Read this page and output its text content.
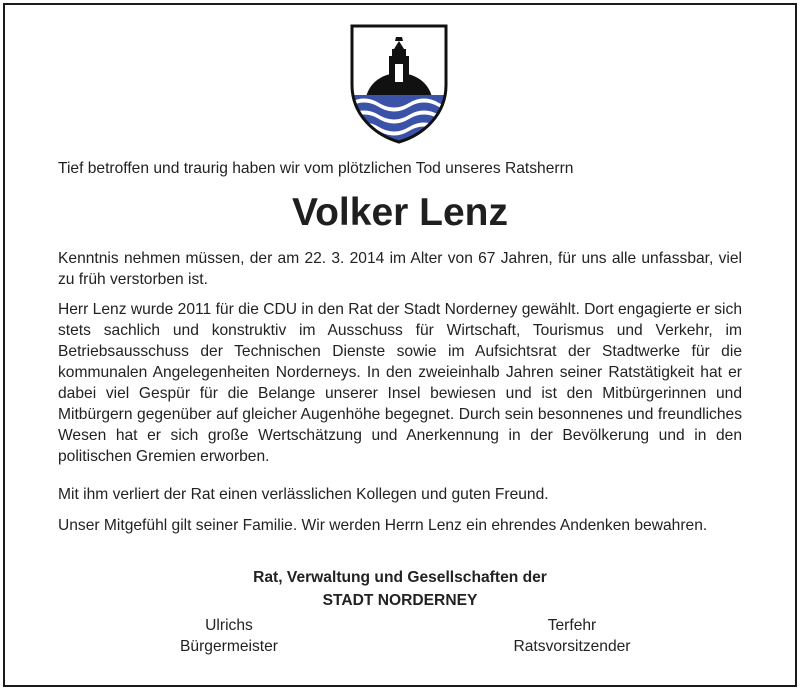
Tief betroffen und traurig haben wir vom plötzlichen Tod unseres Ratsherrn

Volker Lenz

Kenntnis nehmen müssen, der am 22. 3. 2014 im Alter von 67 Jahren, für uns alle unfassbar, viel zu früh verstorben ist.

Herr Lenz wurde 2011 für die CDU in den Rat der Stadt Norderney gewählt. Dort engagierte er sich stets sachlich und konstruktiv im Ausschuss für Wirtschaft, Tourismus und Verkehr, im Betriebsausschuss der Technischen Dienste sowie im Aufsichtsrat der Stadtwerke für die kommunalen Angelegenheiten Norderneys. In den zweieinhalb Jahren seiner Ratstätigkeit hat er dabei viel Gespür für die Belange unserer Insel bewiesen und ist den Mitbürgerinnen und Mitbürgern gegenüber auf gleicher Augenhöhe begegnet. Durch sein besonnenes und freundliches Wesen hat er sich große Wertschätzung und Anerkennung in der Bevölkerung und in den politischen Gremien erworben.

Mit ihm verliert der Rat einen verlässlichen Kollegen und guten Freund.

Unser Mitgefühl gilt seiner Familie. Wir werden Herrn Lenz ein ehrendes Andenken bewahren.

Rat, Verwaltung und Gesellschaften der
STADT NORDERNEY
Ulrichs
Bürgermeister
Terfehr
Ratsvorsitzender
